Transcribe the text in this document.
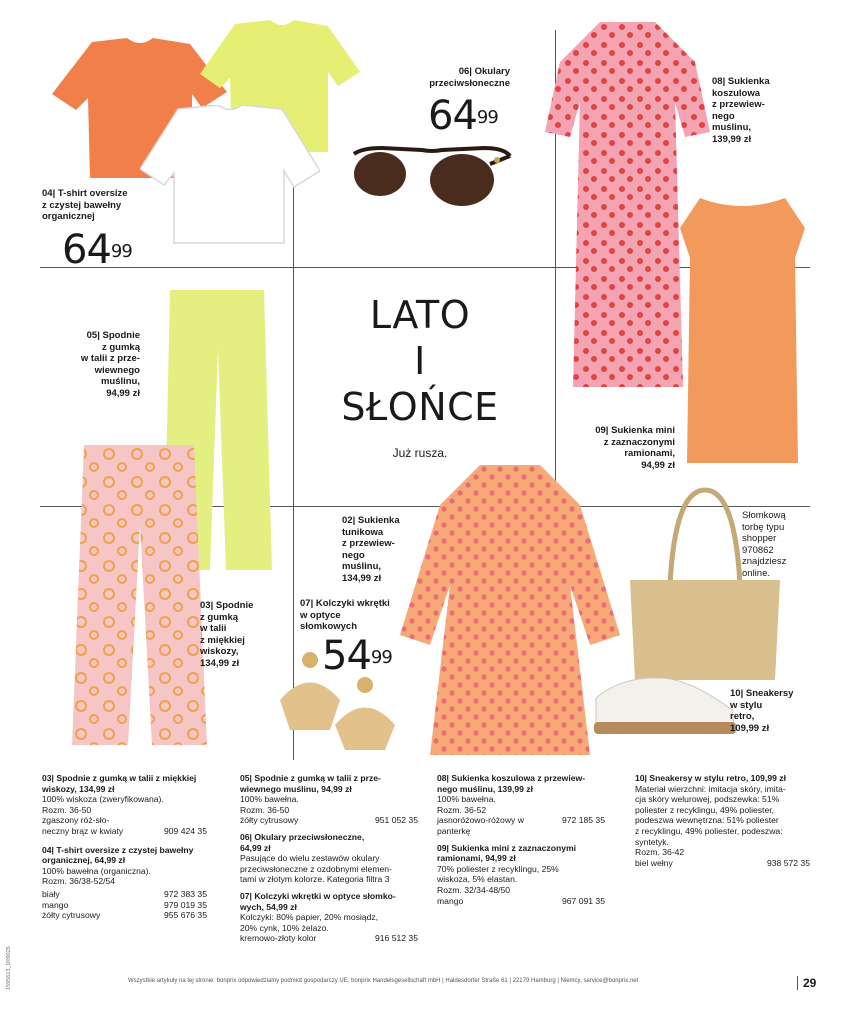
04| T-shirt oversize
z czystej bawełny
organicznej
$64^{99}$
06| Okulary
przeciwsłoneczne
$64^{99}$
08| Sukienka
koszulowa
z przewiew-
nego
muślinu,
139,99 zł
05| Spodnie
z gumką
w talii z prze-
wiewnego
muślinu,
94,99 zł
09| Sukienka mini
z zaznaczonymi
ramionami,
94,99 zł
02| Sukienka
tunikowa
z przewiew-
nego
muślinu,
134,99 zł
03| Spodnie
z gumką
w talii
z miękkiej
wiskozy,
134,99 zł
07| Kolczyki wkrętki
w optyce
słomkowych
$54^{99}$
10| Sneakersy
w stylu
retro,
109,99 zł
Słomkową
torbę typu
shopper
970862
znajdziesz
online.
LATO
I
SŁOŃCE
Już rusza.
03| Spodnie z gumką w talii z miękkiej
wiskozy, 134,99 zł
100% wiskoza (zweryfikowana).
Rozm. 36-50
zgaszony róż-sło-
neczny brąz w kwiaty	909 424 35
04| T-shirt oversize z czystej bawełny
organicznej, 64,99 zł
100% bawełna (organiczna).
Rozm. 36/38-52/54
biały	972 383 35
mango	979 019 35
żółty cytrusowy	955 676 35
05| Spodnie z gumką w talii z prze-
wiewnego muślinu, 94,99 zł
100% bawełna.
Rozm. 36-50
żółty cytrusowy	951 052 35
06| Okulary przeciwsłoneczne,
64,99 zł
Pasujące do wielu zestawów okulary
przeciwsłoneczne z ozdobnymi elemen-
tami w złotym kolorze. Kategoria filtra 3
07| Kolczyki wkrętki w optyce słomko-
wych, 54,99 zł
Kolczyki: 80% papier, 20% mosiądz,
20% cynk, 10% żelazo.
kremowo-złoty kolor	916 512 35
08| Sukienka koszulowa z przewiew-
nego muślinu, 139,99 zł
100% bawełna.
Rozm. 36-52
jasnoróżowo-różowy w
panterkę
972 185 35
09| Sukienka mini z zaznaczonymi
ramionami, 94,99 zł
70% poliester z recyklingu, 25%
wiskoza, 5% elastan.
Rozm. 32/34-48/50
mango	967 091 35
10| Sneakersy w stylu retro, 109,99 zł
Materiał wierzchni: imitacja skóry, imita-
cja skóry welurowej, podszewka: 51%
poliester z recyklingu, 49% poliester,
podeszwa wewnętrzna: 51% poliester
z recyklingu, 49% poliester, podeszwa:
syntetyk.
Rozm. 36-42
biel wełny	938 572 35
Wszystkie artykuły na tej stronie: bonprix odpowiedzialny podmiot gospodarczy UE: bonprix Handelsgesellschaft mbH | Haldesdorfer Straße 61 | 22179 Hamburg | Niemcy, service@bonprix.net	29
1595613_D09026
